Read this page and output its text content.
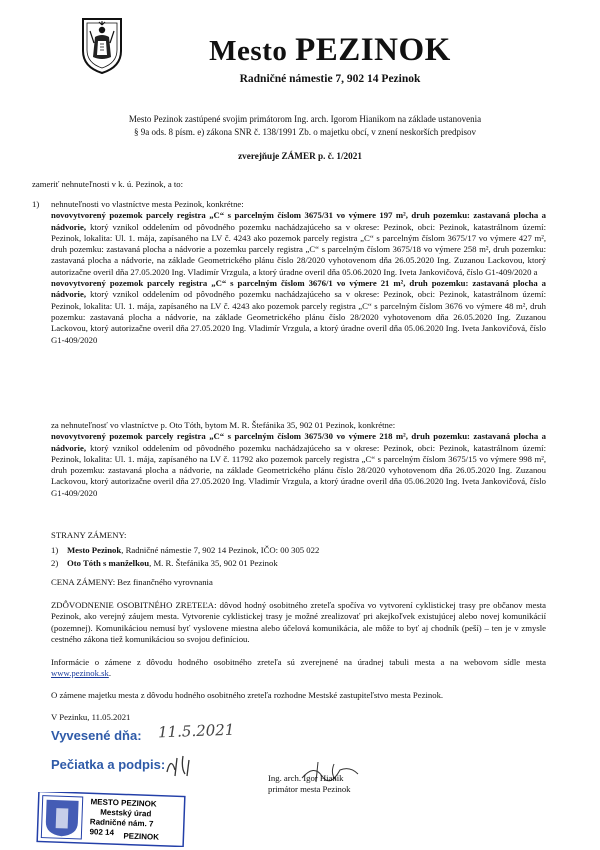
Mesto PEZINOK
Radničné námestie 7, 902 14 Pezinok
Mesto Pezinok zastúpené svojim primátorom Ing. arch. Igorom Hianikom na základe ustanovenia
§ 9a ods. 8 písm. e) zákona SNR č. 138/1991 Zb. o majetku obcí, v znení neskorších predpisov
zverejňuje ZÁMER p. č. 1/2021
zameriť nehnuteľnosti v k. ú. Pezinok, a to:
1) nehnuteľnosti vo vlastníctve mesta Pezinok, konkrétne:
novovytvorený pozemok parcely registra „C“ s parcelným číslom 3675/31 vo výmere 197 m², druh pozemku: zastavaná plocha a nádvorie, ktorý vznikol oddelením od pôvodného pozemku nachádzajúceho sa v okrese: Pezinok, obci: Pezinok, katastrálnom území: Pezinok, lokalita: Ul. 1. mája, zapísaného na LV č. 4243 ako pozemok parcely registra „C“ s parcelným číslom 3675/17 vo výmere 427 m², druh pozemku: zastavaná plocha a nádvorie a pozemku parcely registra „C“ s parcelným číslom 3675/18 vo výmere 258 m², druh pozemku: zastavaná plocha a nádvorie, na základe Geometrického plánu číslo 28/2020 vyhotovenom dňa 26.05.2020 Ing. Zuzanou Lackovou, ktorý autorizačne overil dňa 27.05.2020 Ing. Vladimír Vrzgula, a ktorý úradne overil dňa 05.06.2020 Ing. Iveta Jankovičová, číslo G1-409/2020 a
novovytvorený pozemok parcely registra „C“ s parcelným číslom 3676/1 vo výmere 21 m², druh pozemku: zastavaná plocha a nádvorie, ktorý vznikol oddelením od pôvodného pozemku nachádzajúceho sa v okrese: Pezinok, obci: Pezinok, katastrálnom území: Pezinok, lokalita: Ul. 1. mája, zapísaného na LV č. 4243 ako pozemok parcely registra „C“ s parcelným číslom 3676 vo výmere 48 m², druh pozemku: zastavaná plocha a nádvorie, na základe Geometrického plánu číslo 28/2020 vyhotovenom dňa 26.05.2020 Ing. Zuzanou Lackovou, ktorý autorizačne overil dňa 27.05.2020 Ing. Vladimír Vrzgula, a ktorý úradne overil dňa 05.06.2020 Ing. Iveta Jankovičová, číslo G1-409/2020
za nehnuteľnosť vo vlastníctve p. Oto Tóth, bytom M. R. Štefánika 35, 902 01 Pezinok, konkrétne:
novovytvorený pozemok parcely registra „C“ s parcelným číslom 3675/30 vo výmere 218 m², druh pozemku: zastavaná plocha a nádvorie, ktorý vznikol oddelením od pôvodného pozemku nachádzajúceho sa v okrese: Pezinok, obci: Pezinok, katastrálnom území: Pezinok, lokalita: Ul. 1. mája, zapísaného na LV č. 11792 ako pozemok parcely registra „C“ s parcelným číslom 3675/15 vo výmere 998 m², druh pozemku: zastavaná plocha a nádvorie, na základe Geometrického plánu číslo 28/2020 vyhotovenom dňa 26.05.2020 Ing. Zuzanou Lackovou, ktorý autorizačne overil dňa 27.05.2020 Ing. Vladimír Vrzgula, a ktorý úradne overil dňa 05.06.2020 Ing. Iveta Jankovičová, číslo G1-409/2020
STRANY ZÁMENY:
1) Mesto Pezinok, Radničné námestie 7, 902 14 Pezinok, IČO: 00 305 022
2) Oto Tóth s manželkou, M. R. Štefánika 35, 902 01 Pezinok
CENA ZÁMENY: Bez finančného vyrovnania
ZDÔVODNENIE OSOBITNÉHO ZRETEĽA: dôvod hodný osobitného zreteľa spočíva vo vytvorení cyklistickej trasy pre občanov mesta Pezinok, ako verejný záujem mesta. Vytvorenie cyklistickej trasy je možné zrealizovať pri akejkoľvek existujúcej alebo novej komunikácií (pozemnej). Komunikáciou nemusí byť vyslovene miestna alebo účelová komunikácia, ale môže to byť aj chodník (peší) – ten je v zmysle cestného zákona tiež komunikáciou so svojou definíciou.
Informácie o zámene z dôvodu hodného osobitného zreteľa sú zverejnené na úradnej tabuli mesta a na webovom sídle mesta www.pezinok.sk.
O zámene majetku mesta z dôvodu hodného osobitného zreteľa rozhodne Mestské zastupiteľstvo mesta Pezinok.
V Pezinku, 11.05.2021
Vyvesené dňa: 11.5.2021
Pečiatka a podpis:
Ing. arch. Igor Hianik
primátor mesta Pezinok
MESTO PEZINOK
Mestský úrad
Radničné nám. 7
902 14 PEZINOK
